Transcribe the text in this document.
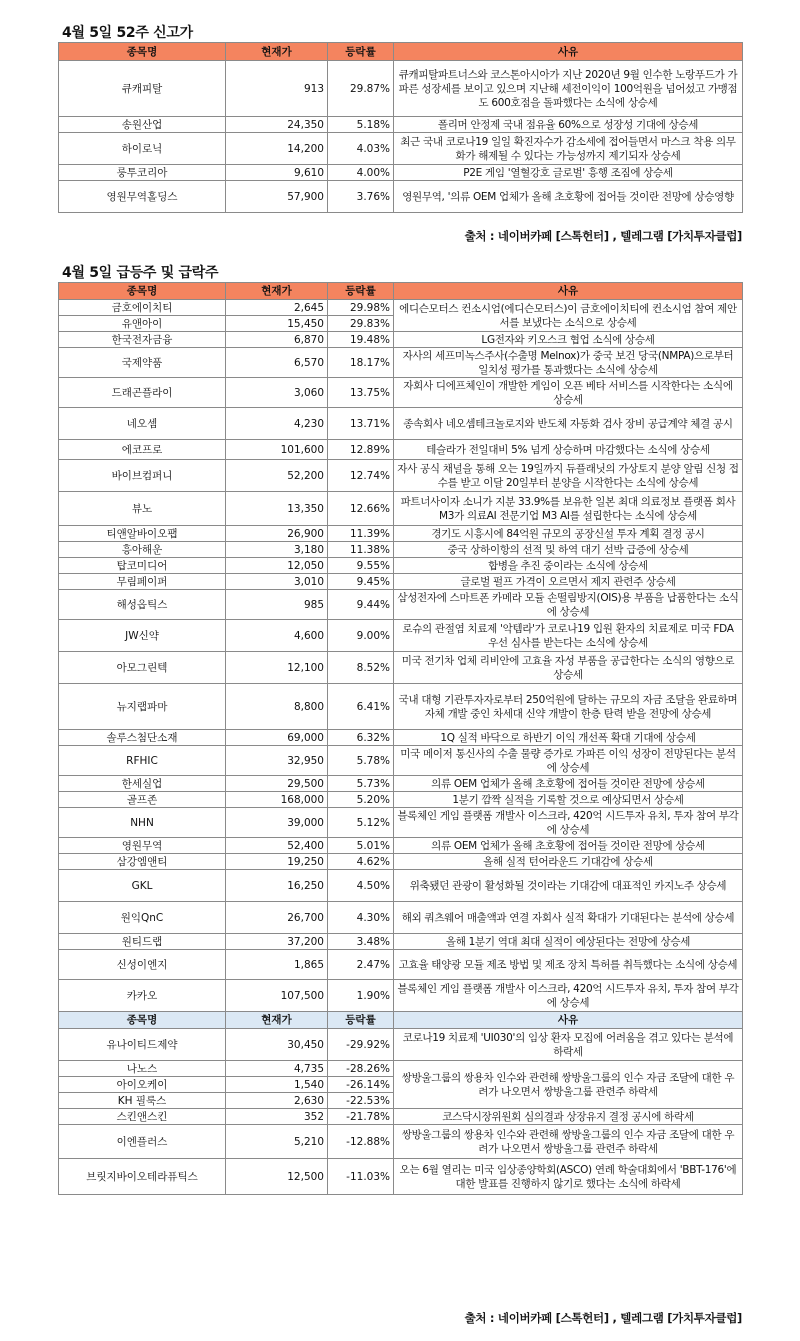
4월 5일 52주 신고가
종목명	현재가	등락률	사유
큐캐피탈	913	29.87%	큐캐피탈파트너스와 코스톤아시아가 지난 2020년 9월 인수한 노랑푸드가 가파른 성장세를 보이고 있으며 지난해 세전이익이 100억원을 넘어섰고 가맹점도 600호점을 돌파했다는 소식에 상승세
송원산업	24,350	5.18%	폴리머 안정제 국내 점유율 60%으로 성장성 기대에 상승세
하이로닉	14,200	4.03%	최근 국내 코로나19 일일 확진자수가 감소세에 접어들면서 마스크 착용 의무화가 해제될 수 있다는 가능성까지 제기되자 상승세
룽투코리아	9,610	4.00%	P2E 게임 '열혈강호 글로벌' 흥행 조짐에 상승세
영원무역홀딩스	57,900	3.76%	영원무역, '의류 OEM 업체가 올해 초호황에 접어들 것이란 전망에 상승영향
출처 : 네이버카페 [스톡헌터] , 텔레그램 [가치투자클럽]
4월 5일 급등주 및 급락주
종목명	현재가	등락률	사유
금호에이치티	2,645	29.98%	에디슨모터스 컨소시엄(에디슨모터스)이 금호에이치티에 컨소시엄 참여 제안서를 보냈다는 소식으로 상승세
유앤아이	15,450	29.83%	
한국전자금융	6,870	19.48%	LG전자와 키오스크 협업 소식에 상승세
국제약품	6,570	18.17%	자사의 세프미녹스주사(수출명 Melnox)가 중국 보건 당국(NMPA)으로부터 일치성 평가를 통과했다는 소식에 상승세
드래곤플라이	3,060	13.75%	자회사 디에프체인이 개발한 게임이 오픈 베타 서비스를 시작한다는 소식에 상승세
네오셈	4,230	13.71%	종속회사 네오셈테크놀로지와 반도체 자동화 검사 장비 공급계약 체결 공시
에코프로	101,600	12.89%	테슬라가 전일대비 5% 넘게 상승하며 마감했다는 소식에 상승세
바이브컴퍼니	52,200	12.74%	자사 공식 채널을 통해 오는 19일까지 듀플래닛의 가상토지 분양 알림 신청 접수를 받고 이달 20일부터 분양을 시작한다는 소식에 상승세
뷰노	13,350	12.66%	파트너사이자 소니가 지분 33.9%를 보유한 일본 최대 의료정보 플랫폼 회사 M3가 의료AI 전문기업 M3 AI를 설립한다는 소식에 상승세
티앤알바이오팹	26,900	11.39%	경기도 시흥시에 84억원 규모의 공장신설 투자 계획 결정 공시
흥아해운	3,180	11.38%	중국 상하이항의 선적 및 하역 대기 선박 급증에 상승세
탑코미디어	12,050	9.55%	합병을 추진 중이라는 소식에 상승세
무림페이퍼	3,010	9.45%	글로벌 펄프 가격이 오르면서 제지 관련주 상승세
해성옵틱스	985	9.44%	삼성전자에 스마트폰 카메라 모듈 손떨림방지(OIS)용 부품을 납품한다는 소식에 상승세
JW신약	4,600	9.00%	로슈의 관절염 치료제 '악템라'가 코로나19 입원 환자의 치료제로 미국 FDA 우선 심사를 받는다는 소식에 상승세
아모그린텍	12,100	8.52%	미국 전기차 업체 리비안에 고효율 자성 부품을 공급한다는 소식의 영향으로 상승세
뉴지랩파마	8,800	6.41%	국내 대형 기관투자자로부터 250억원에 달하는 규모의 자금 조달을 완료하며 자체 개발 중인 차세대 신약 개발이 한층 탄력 받을 전망에 상승세
솔루스첨단소재	69,000	6.32%	1Q 실적 바닥으로 하반기 이익 개선폭 확대 기대에 상승세
RFHIC	32,950	5.78%	미국 메이저 통신사의 수출 물량 증가로 가파른 이익 성장이 전망된다는 분석에 상승세
한세실업	29,500	5.73%	의류 OEM 업체가 올해 초호황에 접어들 것이란 전망에 상승세
골프존	168,000	5.20%	1분기 깜짝 실적을 기록할 것으로 예상되면서 상승세
NHN	39,000	5.12%	블록체인 게임 플랫폼 개발사 이스크라, 420억 시드투자 유치, 투자 참여 부각에 상승세
영원무역	52,400	5.01%	의류 OEM 업체가 올해 초호황에 접어들 것이란 전망에 상승세
삼강엠앤티	19,250	4.62%	올해 실적 턴어라운드 기대감에 상승세
GKL	16,250	4.50%	위축됐던 관광이 활성화될 것이라는 기대감에 대표적인 카지노주 상승세
원익QnC	26,700	4.30%	해외 쿼츠웨어 매출액과 연결 자회사 실적 확대가 기대된다는 분석에 상승세
원티드랩	37,200	3.48%	올해 1분기 역대 최대 실적이 예상된다는 전망에 상승세
신성이엔지	1,865	2.47%	고효율 태양광 모듈 제조 방법 및 제조 장치 특허를 취득했다는 소식에 상승세
카카오	107,500	1.90%	블록체인 게임 플랫폼 개발사 이스크라, 420억 시드투자 유치, 투자 참여 부각에 상승세
종목명	현재가	등락률	사유
유나이티드제약	30,450	-29.92%	코로나19 치료제 'UI030'의 임상 환자 모집에 어려움을 겪고 있다는 분석에 하락세
나노스	4,735	-28.26%	쌍방울그룹의 쌍용차 인수와 관련해 쌍방울그룹의 인수 자금 조달에 대한 우려가 나오면서 쌍방울그룹 관련주 하락세
아이오케이	1,540	-26.14%	
KH 필룩스	2,630	-22.53%	
스킨앤스킨	352	-21.78%	코스닥시장위원회 심의결과 상장유지 결정 공시에 하락세
이엔플러스	5,210	-12.88%	쌍방울그룹의 쌍용차 인수와 관련해 쌍방울그룹의 인수 자금 조달에 대한 우려가 나오면서 쌍방울그룹 관련주 하락세
브릿지바이오테라퓨틱스	12,500	-11.03%	오는 6월 열리는 미국 임상종양학회(ASCO) 연례 학술대회에서 'BBT-176'에 대한 발표를 진행하지 않기로 했다는 소식에 하락세
출처 : 네이버카페 [스톡헌터] , 텔레그램 [가치투자클럽]
